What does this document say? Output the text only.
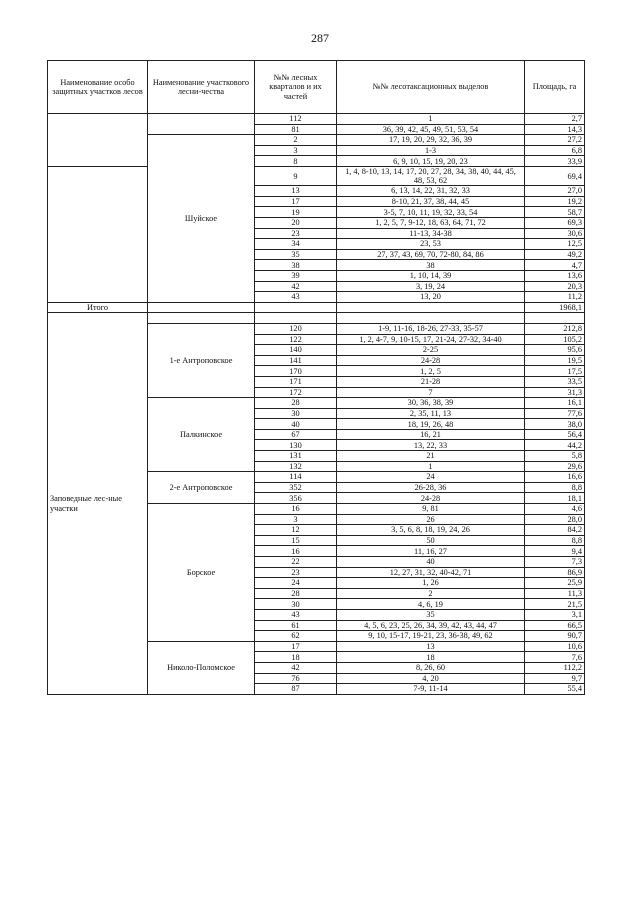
287
Наименование особо защитных участков лесов	Наименование участкового лесни-чества	№№ лесных кварталов и их частей	№№ лесотаксационных выделов	Площадь, га
		112	1	2,7
		81	36, 39, 42, 45, 49, 51, 53, 54	14,3
	Шуйское	2	17, 19, 20, 29, 32, 36, 39	27,2
		3	1-3	6,8
		8	6, 9, 10, 15, 19, 20, 23	33,9
		9	1, 4, 8-10, 13, 14, 17, 20, 27, 28, 34, 38, 40, 44, 45, 48, 53, 62	69,4
		13	6, 13, 14, 22, 31, 32, 33	27,0
		17	8-10, 21, 37, 38, 44, 45	19,2
		19	3-5, 7, 10, 11, 19, 32, 33, 54	58,7
		20	1, 2, 5, 7, 9-12, 18, 63, 64, 71, 72	69,3
		23	11-13, 34-38	30,6
		34	23, 53	12,5
		35	27, 37, 43, 69, 70, 72-80, 84, 86	49,2
		38	38	4,7
		39	1, 10, 14, 39	13,6
		42	3, 19, 24	20,3
		43	13, 20	11,2
Итого				1968,1
Заповедные лес-ные участки				
	1-е Антроповское	120	1-9, 11-16, 18-26, 27-33, 35-57	212,8
		122	1, 2, 4-7, 9, 10-15, 17, 21-24, 27-32, 34-40	105,2
		140	2-25	95,6
		141	24-28	19,5
		170	1, 2, 5	17,5
		171	21-28	33,5
		172	7	31,3
	Палкинское	28	30, 36, 38, 39	16,1
		30	2, 35, 11, 13	77,6
		40	18, 19, 26, 48	38,0
		67	16, 21	56,4
		130	13, 22, 33	44,2
		131	21	5,8
		132	1	29,6
	2-е Антроповское	114	24	16,6
		352	26-28, 36	8,8
		356	24-28	18,1
	Борское	16	9, 81	4,6
		3	26	28,0
		12	3, 5, 6, 8, 18, 19, 24, 26	84,2
		15	50	8,8
		16	11, 16, 27	9,4
		22	40	7,3
		23	12, 27, 31, 32, 40-42, 71	86,9
		24	1, 26	25,9
		28	2	11,3
		30	4, 6, 19	21,5
		43	35	3,1
		61	4, 5, 6, 23, 25, 26, 34, 39, 42, 43, 44, 47	66,5
		62	9, 10, 15-17, 19-21, 23, 36-38, 49, 62	90,7
	Николо-Поломское	17	13	10,6
		18	18	7,6
		42	8, 26, 60	112,2
		76	4, 20	9,7
		87	7-9, 11-14	55,4
